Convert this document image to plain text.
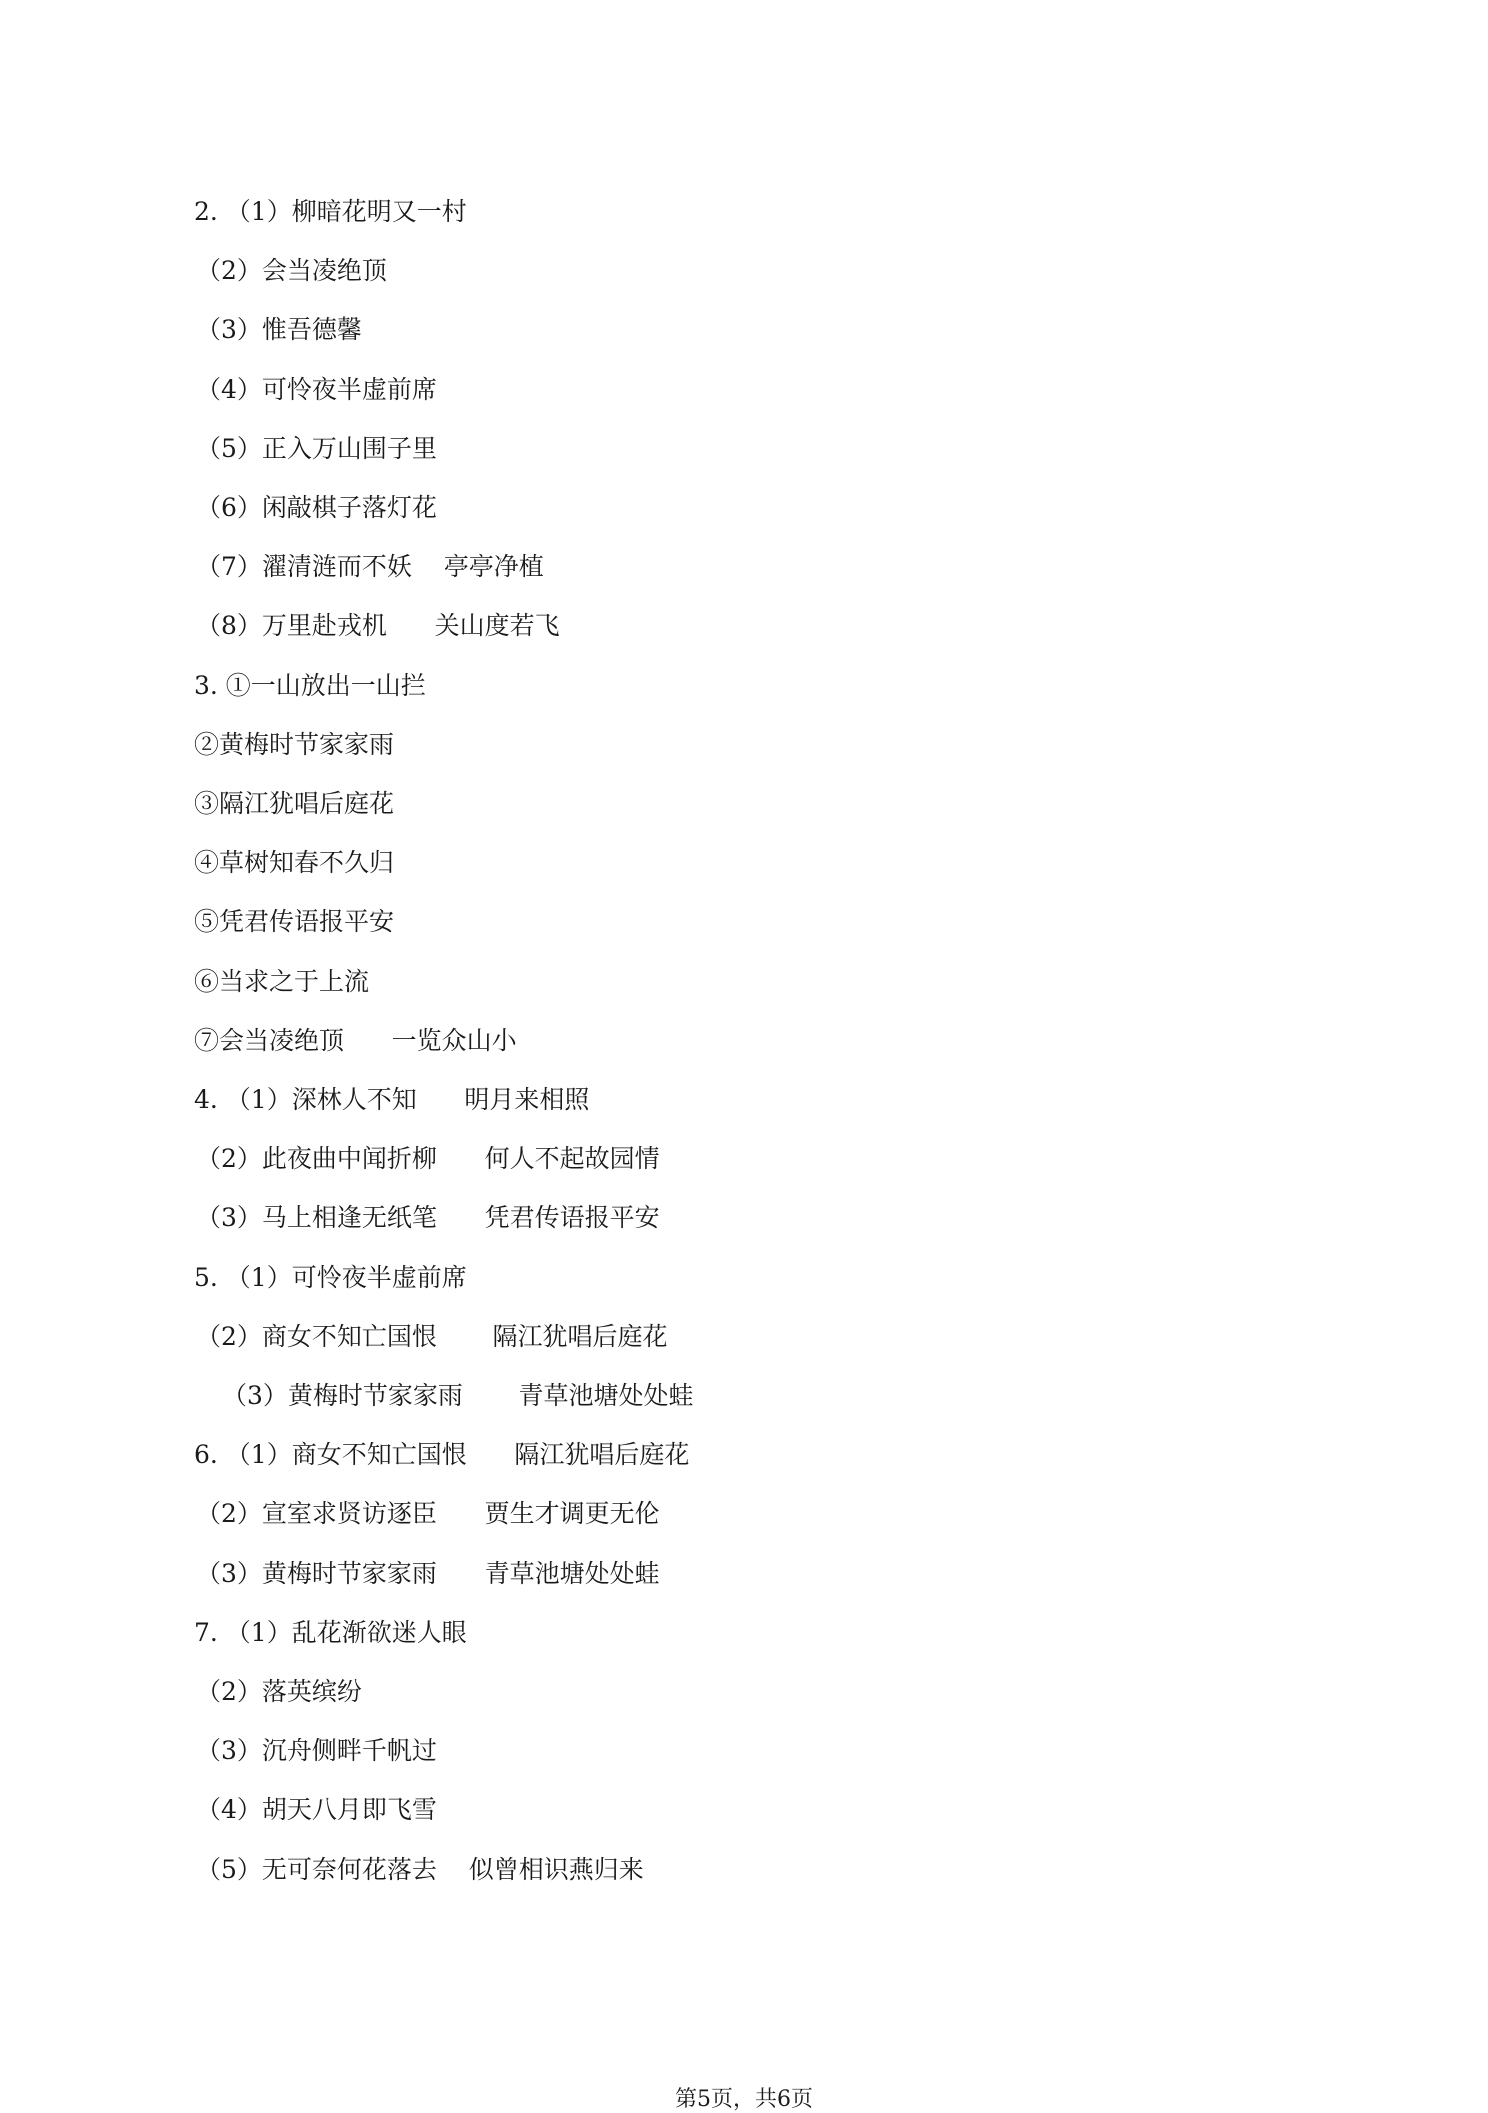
2. （1）柳暗花明又一村
（2）会当凌绝顶
（3）惟吾德馨
（4）可怜夜半虚前席
（5）正入万山围子里
（6）闲敲棋子落灯花
（7）濯清涟而不妖    亭亭净植
（8）万里赴戎机      关山度若飞
3. ①一山放出一山拦
②黄梅时节家家雨
③隔江犹唱后庭花
④草树知春不久归
⑤凭君传语报平安
⑥当求之于上流
⑦会当凌绝顶      一览众山小
4. （1）深林人不知      明月来相照
（2）此夜曲中闻折柳      何人不起故园情
（3）马上相逢无纸笔      凭君传语报平安
5. （1）可怜夜半虚前席
（2）商女不知亡国恨       隔江犹唱后庭花
（3）黄梅时节家家雨       青草池塘处处蛙
6. （1）商女不知亡国恨      隔江犹唱后庭花
（2）宣室求贤访逐臣      贾生才调更无伦
（3）黄梅时节家家雨      青草池塘处处蛙
7. （1）乱花渐欲迷人眼
（2）落英缤纷
（3）沉舟侧畔千帆过
（4）胡天八月即飞雪
（5）无可奈何花落去    似曾相识燕归来
第5页，共6页
